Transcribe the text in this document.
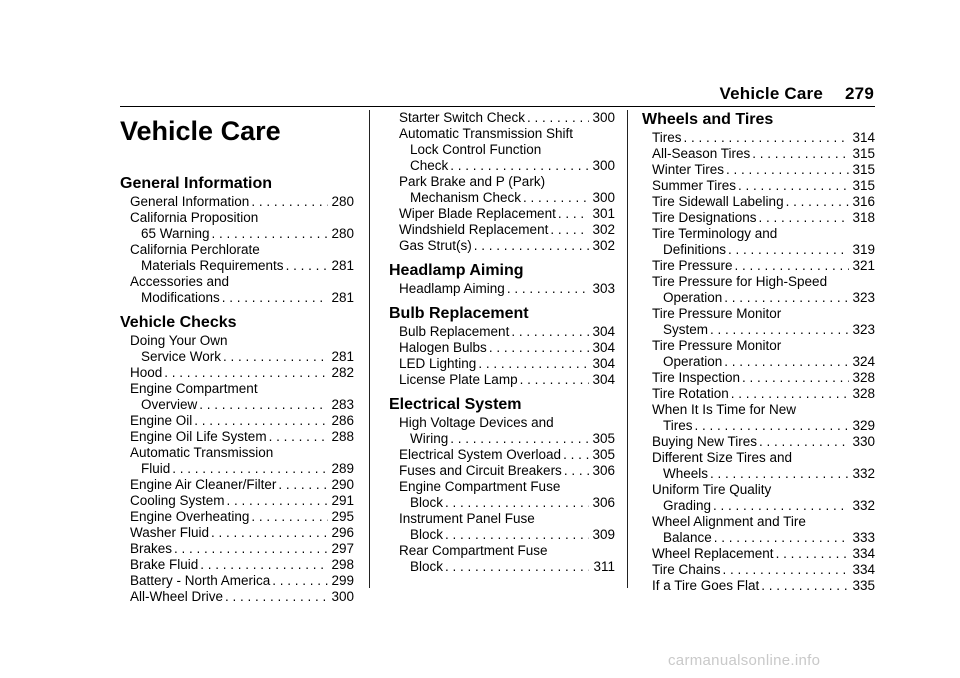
Vehicle Care 279
Vehicle Care
General Information
General Information . . .	280
California Proposition
65 Warning . . .	280
California Perchlorate
Materials Requirements . . .	281
Accessories and
Modifications . . .	281
Vehicle Checks
Doing Your Own
Service Work . . .	281
Hood . . .	282
Engine Compartment
Overview . . .	283
Engine Oil . . .	286
Engine Oil Life System . . .	288
Automatic Transmission
Fluid . . .	289
Engine Air Cleaner/Filter . . .	290
Cooling System . . .	291
Engine Overheating . . .	295
Washer Fluid . . .	296
Brakes . . .	297
Brake Fluid . . .	298
Battery - North America . . .	299
All-Wheel Drive . . .	300
Starter Switch Check . . .	300
Automatic Transmission Shift
Lock Control Function
Check . . .	300
Park Brake and P (Park)
Mechanism Check . . .	300
Wiper Blade Replacement . . .	301
Windshield Replacement . . .	302
Gas Strut(s) . . .	302
Headlamp Aiming
Headlamp Aiming . . .	303
Bulb Replacement
Bulb Replacement . . .	304
Halogen Bulbs . . .	304
LED Lighting . . .	304
License Plate Lamp . . .	304
Electrical System
High Voltage Devices and
Wiring . . .	305
Electrical System Overload . . . 305
Fuses and Circuit Breakers . . . 306
Engine Compartment Fuse
Block . . .	306
Instrument Panel Fuse
Block . . .	309
Rear Compartment Fuse
Block . . .	311
Wheels and Tires
Tires . . .	314
All-Season Tires . . .	315
Winter Tires . . .	315
Summer Tires . . .	315
Tire Sidewall Labeling . . .	316
Tire Designations . . .	318
Tire Terminology and
Definitions . . .	319
Tire Pressure . . .	321
Tire Pressure for High-Speed
Operation . . .	323
Tire Pressure Monitor
System . . .	323
Tire Pressure Monitor
Operation . . .	324
Tire Inspection . . .	328
Tire Rotation . . .	328
When It Is Time for New
Tires . . .	329
Buying New Tires . . .	330
Different Size Tires and
Wheels . . .	332
Uniform Tire Quality
Grading . . .	332
Wheel Alignment and Tire
Balance . . .	333
Wheel Replacement . . .	334
Tire Chains . . .	334
If a Tire Goes Flat . . .	335
carmanualsonline.info
